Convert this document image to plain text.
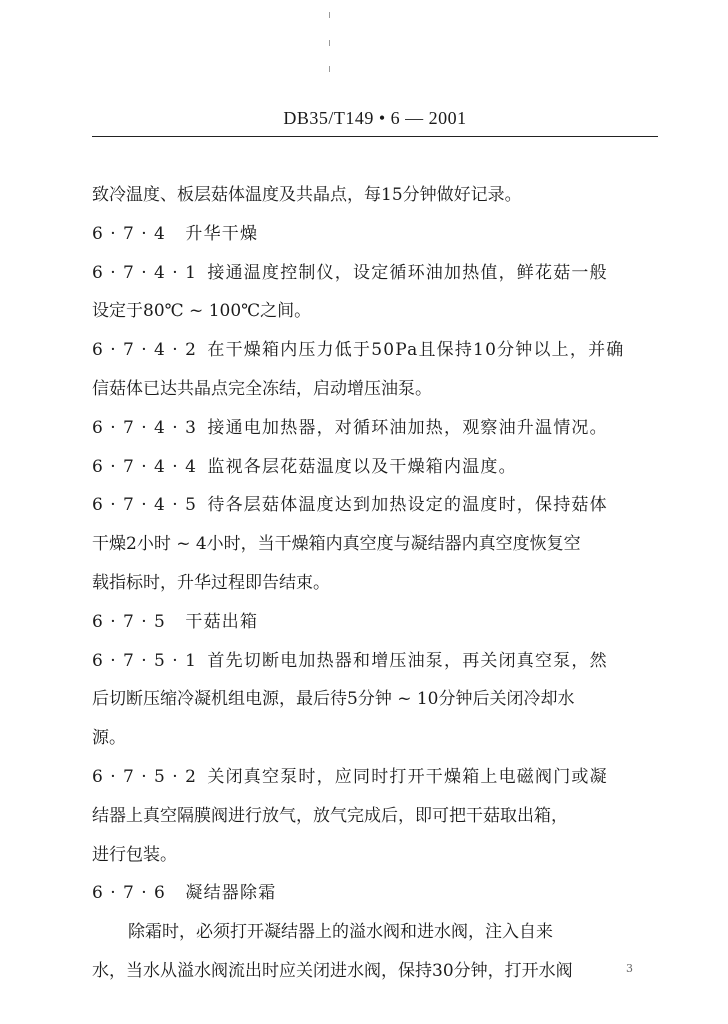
DB35/T149 • 6 — 2001
致冷温度、板层菇体温度及共晶点，每15分钟做好记录。
6 · 7 · 4 升华干燥
6 · 7 · 4 · 1 接通温度控制仪，设定循环油加热值，鲜花菇一般
设定于80℃ ~ 100℃之间。
6 · 7 · 4 · 2 在干燥箱内压力低于50Pa且保持10分钟以上，并确
信菇体已达共晶点完全冻结，启动增压油泵。
6 · 7 · 4 · 3 接通电加热器，对循环油加热，观察油升温情况。
6 · 7 · 4 · 4 监视各层花菇温度以及干燥箱内温度。
6 · 7 · 4 · 5 待各层菇体温度达到加热设定的温度时，保持菇体
干燥2小时 ~ 4小时，当干燥箱内真空度与凝结器内真空度恢复空
载指标时，升华过程即告结束。
6 · 7 · 5 干菇出箱
6 · 7 · 5 · 1 首先切断电加热器和增压油泵，再关闭真空泵，然
后切断压缩冷凝机组电源，最后待5分钟 ~ 10分钟后关闭冷却水
源。
6 · 7 · 5 · 2 关闭真空泵时，应同时打开干燥箱上电磁阀门或凝
结器上真空隔膜阀进行放气，放气完成后，即可把干菇取出箱，
进行包装。
6 · 7 · 6 凝结器除霜
除霜时，必须打开凝结器上的溢水阀和进水阀，注入自来
水，当水从溢水阀流出时应关闭进水阀，保持30分钟，打开水阀	3
